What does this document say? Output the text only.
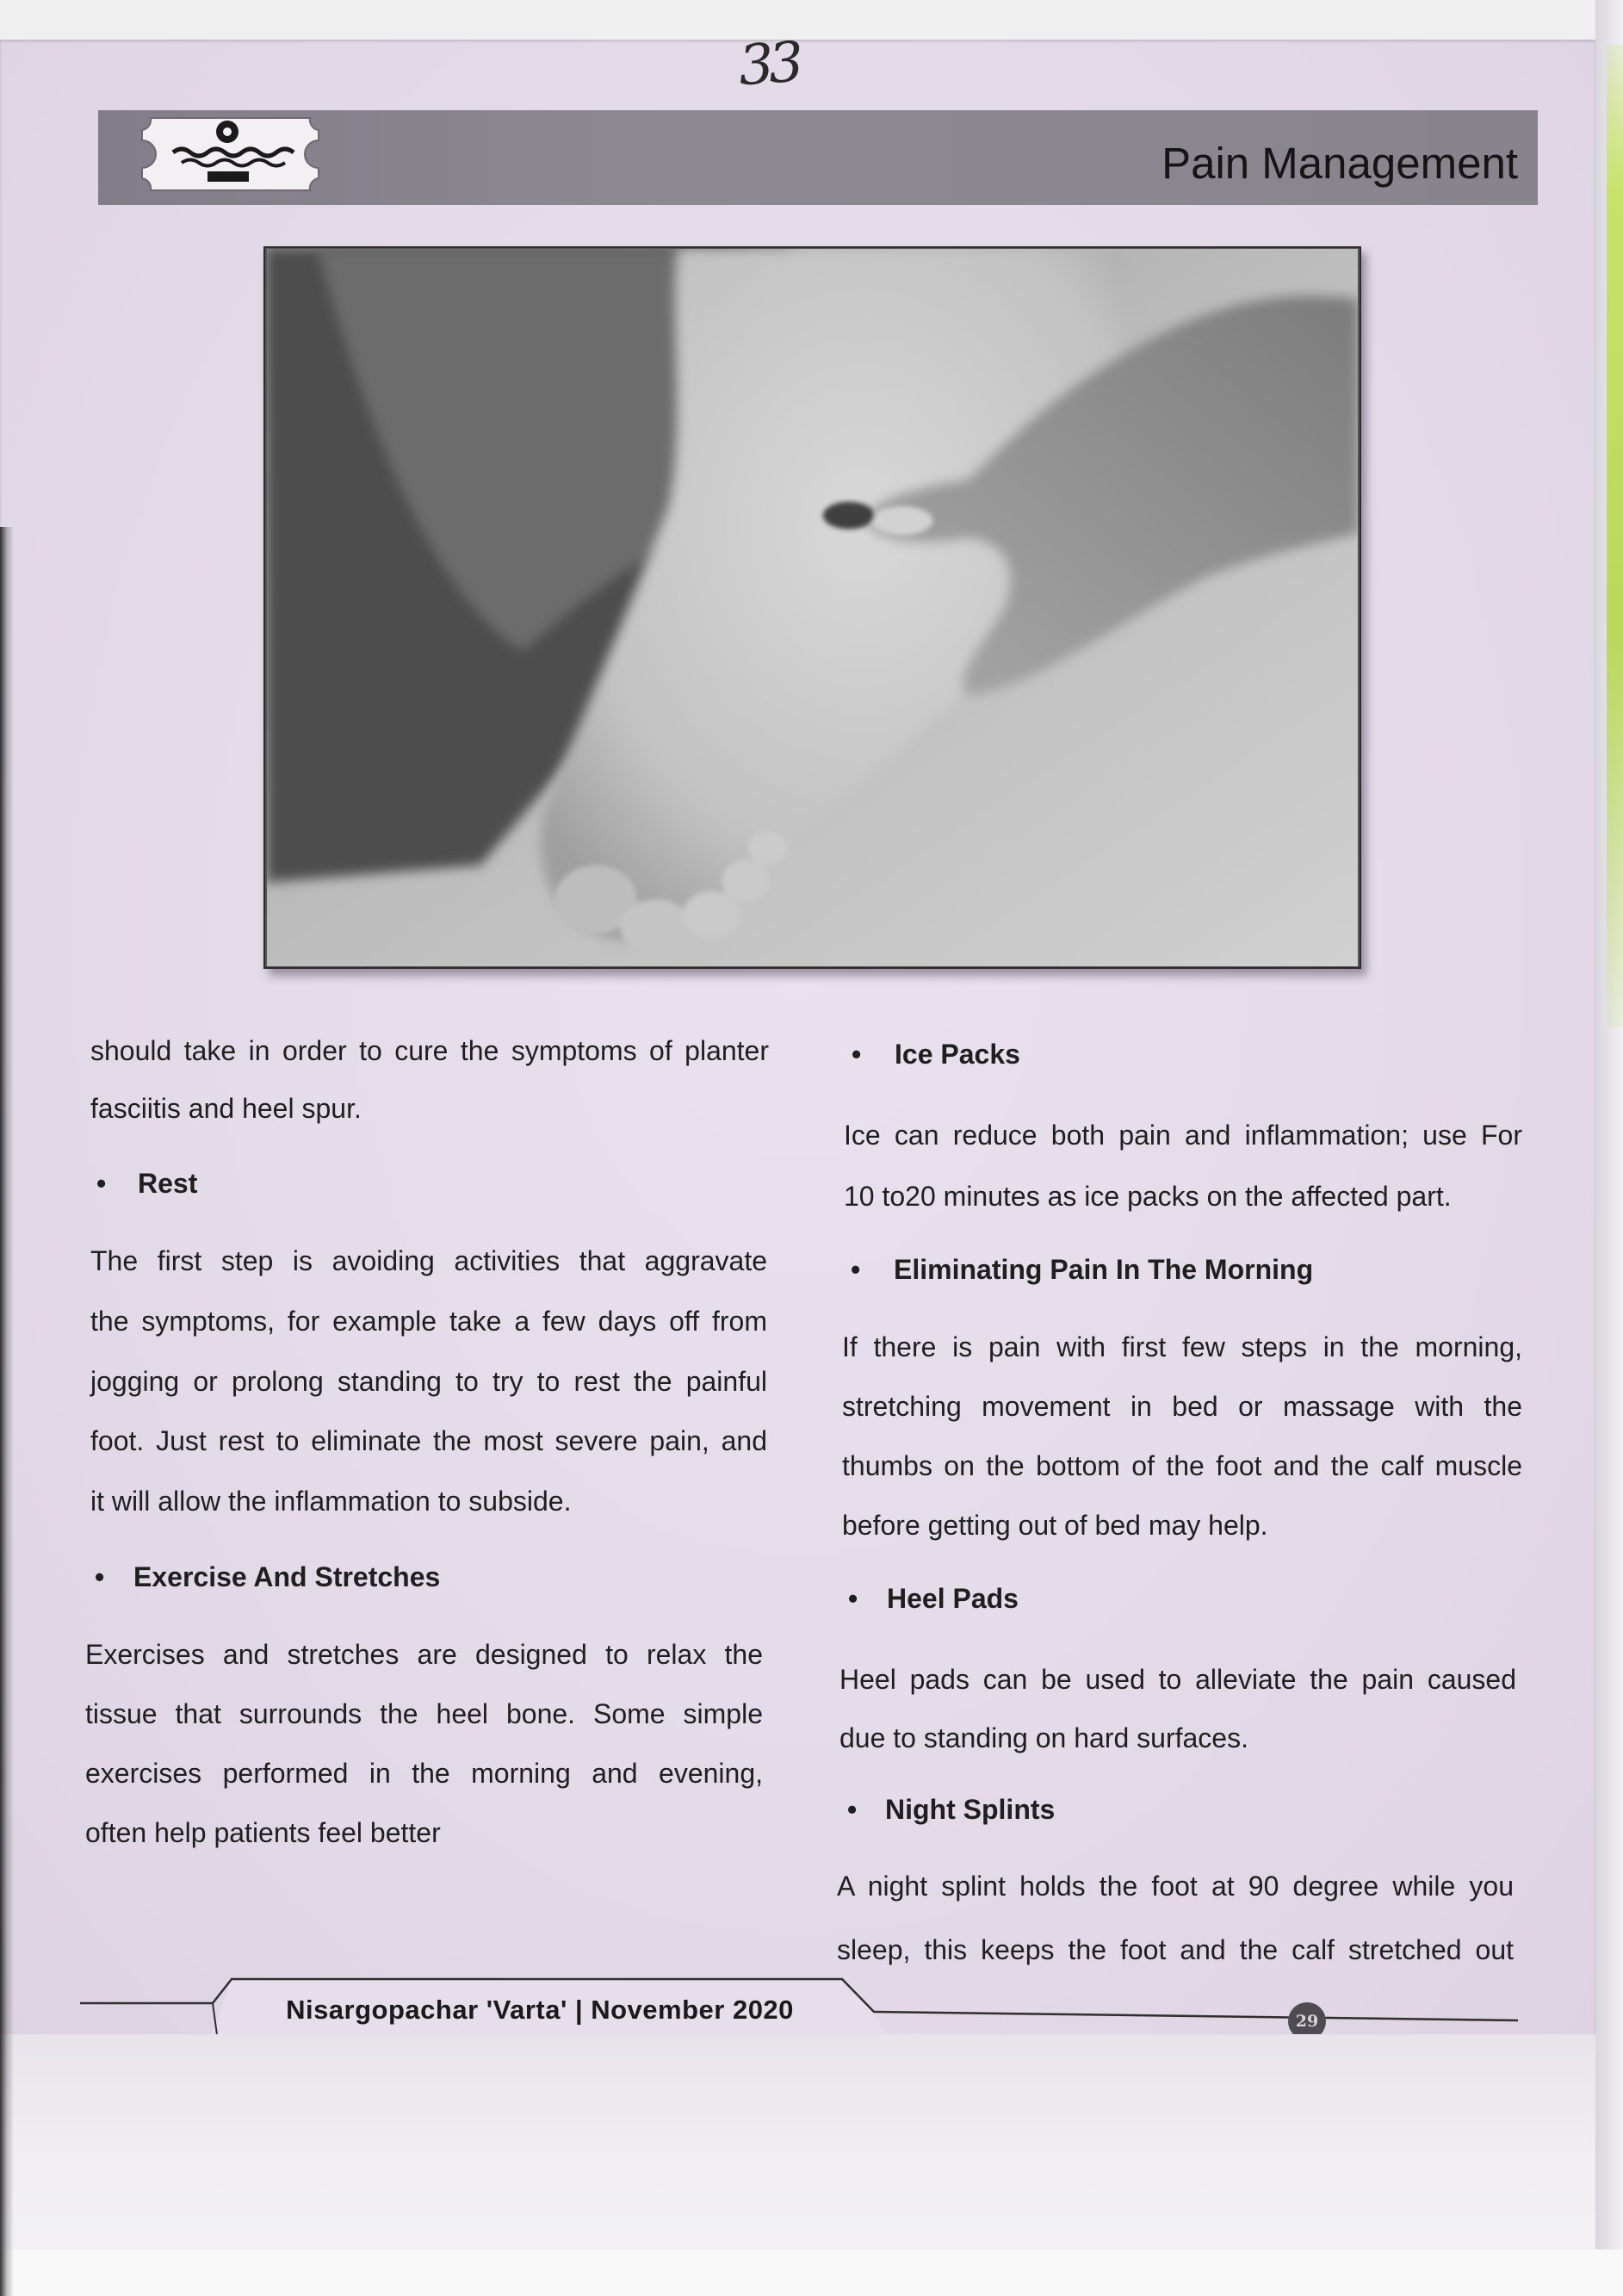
33
Pain Management
should take in order to cure the symptoms of planter
fasciitis and heel spur.
•Rest
The first step is avoiding activities that aggravate
the symptoms, for example take a few days off from
jogging or prolong standing to try to rest the painful
foot. Just rest to eliminate the most severe pain, and
it will allow the inflammation to subside.
•Exercise And Stretches
Exercises and stretches are designed to relax the
tissue that surrounds the heel bone. Some simple
exercises performed in the morning and evening,
often help patients feel better
•Ice Packs
Ice can reduce both pain and inflammation; use For
10 to20 minutes as ice packs on the affected part.
•Eliminating Pain In The Morning
If there is pain with first few steps in the morning,
stretching movement in bed or massage with the
thumbs on the bottom of the foot and the calf muscle
before getting out of bed may help.
•Heel Pads
Heel pads can be used to alleviate the pain caused
due to standing on hard surfaces.
•Night Splints
A night splint holds the foot at 90 degree while you
sleep, this keeps the foot and the calf stretched out
Nisargopachar 'Varta' | November 2020	29
